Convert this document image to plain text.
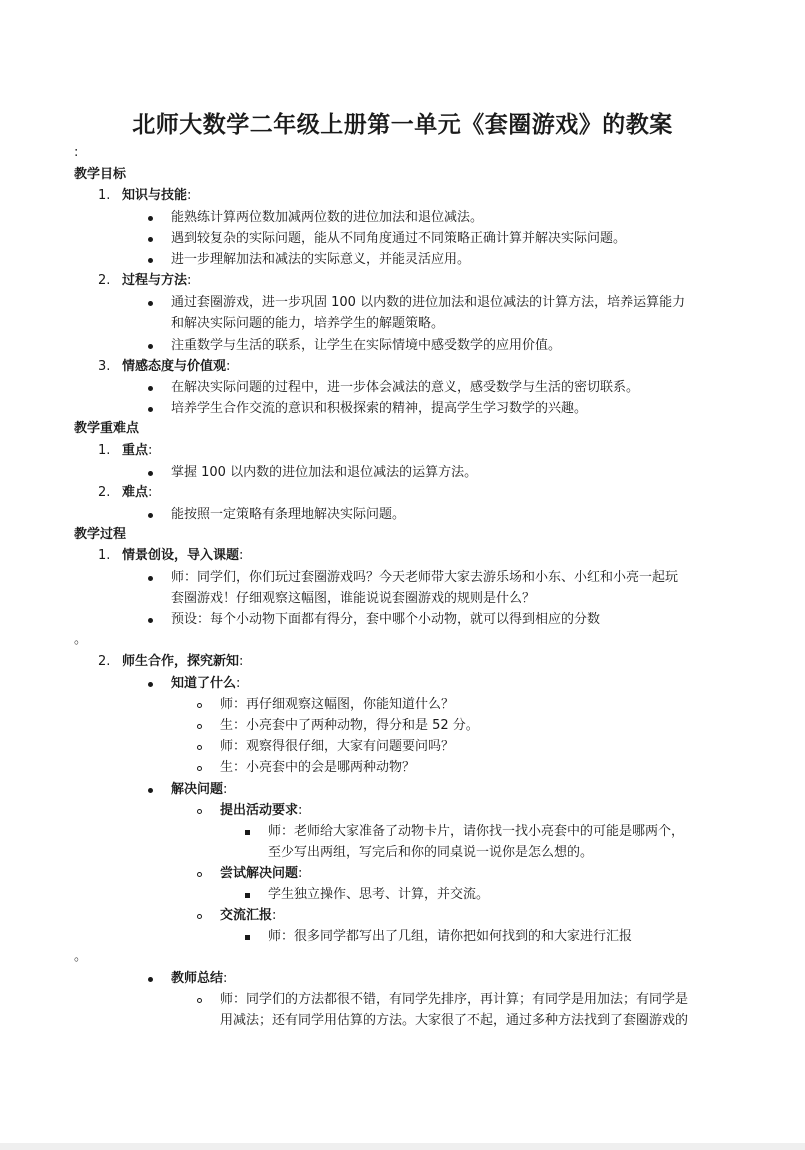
北师大数学二年级上册第一单元《套圈游戏》的教案
:
教学目标
1. 知识与技能:
能熟练计算两位数加减两位数的进位加法和退位减法。
遇到较复杂的实际问题，能从不同角度通过不同策略正确计算并解决实际问题。
进一步理解加法和减法的实际意义，并能灵活应用。
2. 过程与方法:
通过套圈游戏，进一步巩固 100 以内数的进位加法和退位减法的计算方法，培养运算能力
和解决实际问题的能力，培养学生的解题策略。
注重数学与生活的联系，让学生在实际情境中感受数学的应用价值。
3. 情感态度与价值观:
在解决实际问题的过程中，进一步体会减法的意义，感受数学与生活的密切联系。
培养学生合作交流的意识和积极探索的精神，提高学生学习数学的兴趣。
教学重难点
1. 重点:
掌握 100 以内数的进位加法和退位减法的运算方法。
2. 难点:
能按照一定策略有条理地解决实际问题。
教学过程
1. 情景创设，导入课题:
师：同学们，你们玩过套圈游戏吗？今天老师带大家去游乐场和小东、小红和小亮一起玩
套圈游戏！仔细观察这幅图，谁能说说套圈游戏的规则是什么？
预设：每个小动物下面都有得分，套中哪个小动物，就可以得到相应的分数
。
2. 师生合作，探究新知:
知道了什么:
师：再仔细观察这幅图，你能知道什么？
生：小亮套中了两种动物，得分和是 52 分。
师：观察得很仔细，大家有问题要问吗？
生：小亮套中的会是哪两种动物？
解决问题:
提出活动要求:
师：老师给大家准备了动物卡片，请你找一找小亮套中的可能是哪两个，
至少写出两组，写完后和你的同桌说一说你是怎么想的。
尝试解决问题:
学生独立操作、思考、计算，并交流。
交流汇报:
师：很多同学都写出了几组，请你把如何找到的和大家进行汇报
。
教师总结:
师：同学们的方法都很不错，有同学先排序，再计算；有同学是用加法；有同学是
用减法；还有同学用估算的方法。大家很了不起，通过多种方法找到了套圈游戏的
